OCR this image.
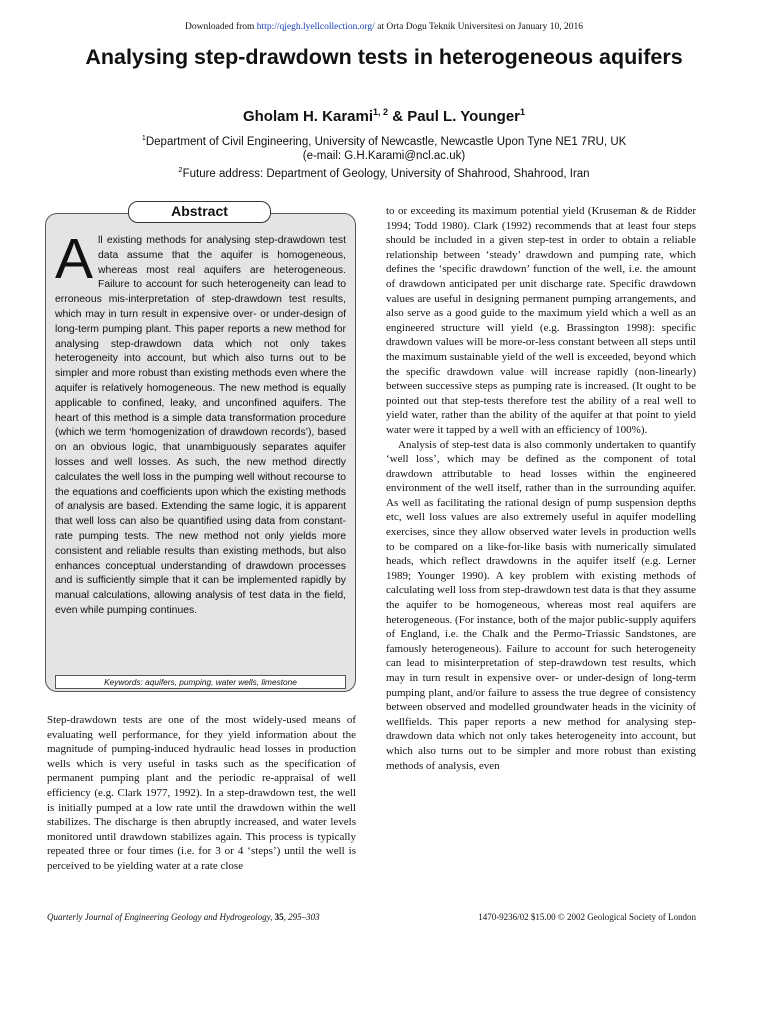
Downloaded from http://qjegh.lyellcollection.org/ at Orta Dogu Teknik Universitesi on January 10, 2016
Analysing step-drawdown tests in heterogeneous aquifers
Gholam H. Karami$^{1, 2}$ & Paul L. Younger$^1$
$^1$Department of Civil Engineering, University of Newcastle, Newcastle Upon Tyne NE1 7RU, UK
(e-mail: G.H.Karami@ncl.ac.uk)
$^2$Future address: Department of Geology, University of Shahrood, Shahrood, Iran
Abstract

All existing methods for analysing step-drawdown test data assume that the aquifer is homogeneous, whereas most real aquifers are heterogeneous. Failure to account for such heterogeneity can lead to erroneous mis-interpretation of step-drawdown test results, which may in turn result in expensive over- or under-design of long-term pumping plant. This paper reports a new method for analysing step-drawdown data which not only takes heterogeneity into account, but which also turns out to be simpler and more robust than existing methods even where the aquifer is relatively homogeneous. The new method is equally applicable to confined, leaky, and unconfined aquifers. The heart of this method is a simple data transformation procedure (which we term ‘homogenization of drawdown records’), based on an obvious logic, that unambiguously separates aquifer losses and well losses. As such, the new method directly calculates the well loss in the pumping well without recourse to the equations and coefficients upon which the existing methods of analysis are based. Extending the same logic, it is apparent that well loss can also be quantified using data from constant-rate pumping tests. The new method not only yields more consistent and reliable results than existing methods, but also enhances conceptual understanding of drawdown processes and is sufficiently simple that it can be implemented rapidly by manual calculations, allowing analysis of test data in the field, even while pumping continues.

Keywords: aquifers, pumping, water wells, limestone

Step-drawdown tests are one of the most widely-used means of evaluating well performance, for they yield information about the magnitude of pumping-induced hydraulic head losses in production wells which is very useful in tasks such as the specification of permanent pumping plant and the periodic re-appraisal of well efficiency (e.g. Clark 1977, 1992). In a step-drawdown test, the well is initially pumped at a low rate until the drawdown within the well stabilizes. The discharge is then abruptly increased, and water levels monitored until drawdown stabilizes again. This process is typically repeated three or four times (i.e. for 3 or 4 ‘steps’) until the well is perceived to be yielding water at a rate close

to or exceeding its maximum potential yield (Kruseman & de Ridder 1994; Todd 1980). Clark (1992) recommends that at least four steps should be included in a given step-test in order to obtain a reliable relationship between ‘steady’ drawdown and pumping rate, which defines the ‘specific drawdown’ function of the well, i.e. the amount of drawdown anticipated per unit discharge rate. Specific drawdown values are useful in designing permanent pumping arrangements, and also serve as a good guide to the maximum yield which a well as an engineered structure will yield (e.g. Brassington 1998): specific drawdown values will be more-or-less constant between all steps until the maximum sustainable yield of the well is exceeded, beyond which the specific drawdown value will increase rapidly (non-linearly) between successive steps as pumping rate is increased. (It ought to be pointed out that step-tests therefore test the ability of a real well to yield water, rather than the ability of the aquifer at that point to yield water were it tapped by a well with an efficiency of 100%).

Analysis of step-test data is also commonly undertaken to quantify ‘well loss’, which may be defined as the component of total drawdown attributable to head losses within the engineered environment of the well itself, rather than in the surrounding aquifer. As well as facilitating the rational design of pump suspension depths etc, well loss values are also extremely useful in aquifer modelling exercises, since they allow observed water levels in production wells to be compared on a like-for-like basis with numerically simulated heads, which reflect drawdowns in the aquifer itself (e.g. Lerner 1989; Younger 1990). A key problem with existing methods of calculating well loss from step-drawdown test data is that they assume the aquifer to be homogeneous, whereas most real aquifers are heterogeneous. (For instance, both of the major public-supply aquifers of England, i.e. the Chalk and the Permo-Triassic Sandstones, are famously heterogeneous). Failure to account for such heterogeneity can lead to misinterpretation of step-drawdown test results, which may in turn result in expensive over- or under-design of long-term pumping plant, and/or failure to assess the true degree of consistency between observed and modelled groundwater heads in the vicinity of wellfields. This paper reports a new method for analysing step-drawdown data which not only takes heterogeneity into account, but which also turns out to be simpler and more robust than existing methods of analysis, even

Quarterly Journal of Engineering Geology and Hydrogeology, 35, 295–303	1470-9236/02 $15.00 © 2002 Geological Society of London
